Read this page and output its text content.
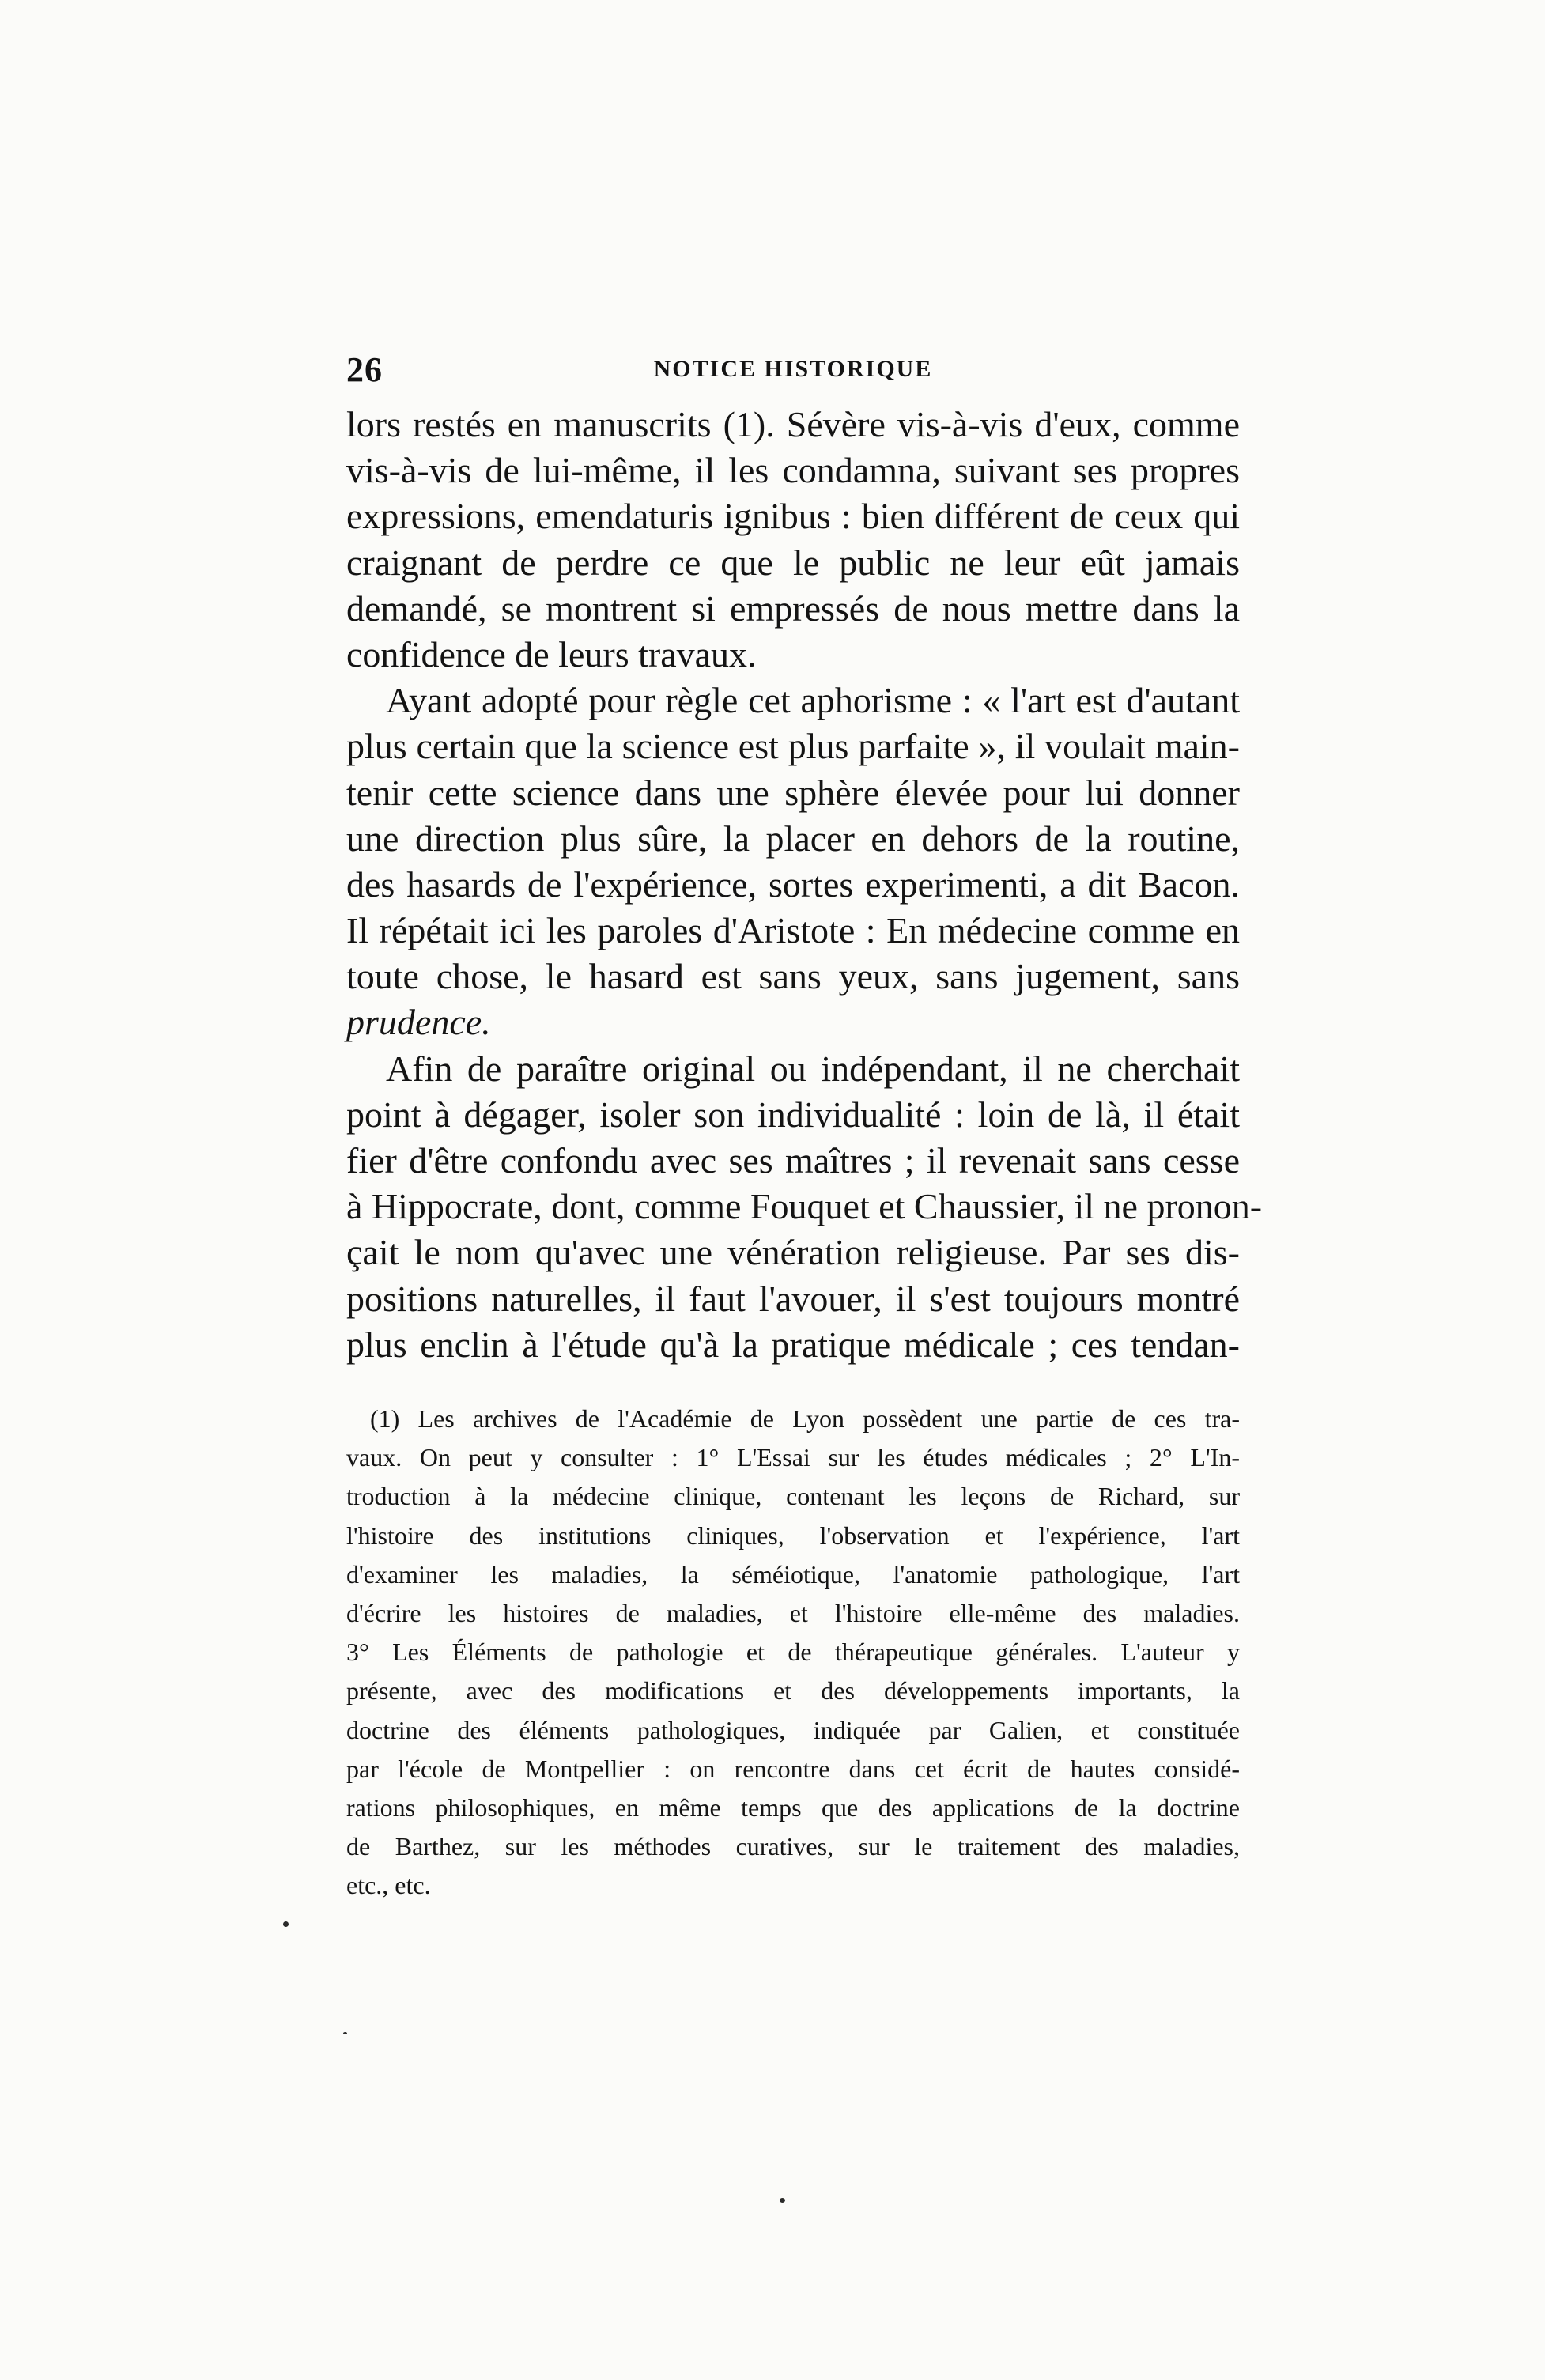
26	NOTICE HISTORIQUE
lors restés en manuscrits (1). Sévère vis-à-vis d'eux, comme
vis-à-vis de lui-même, il les condamna, suivant ses propres
expressions, emendaturis ignibus : bien différent de ceux qui
craignant de perdre ce que le public ne leur eût jamais
demandé, se montrent si empressés de nous mettre dans la
confidence de leurs travaux.
Ayant adopté pour règle cet aphorisme : « l'art est d'autant
plus certain que la science est plus parfaite », il voulait main-
tenir cette science dans une sphère élevée pour lui donner
une direction plus sûre, la placer en dehors de la routine,
des hasards de l'expérience, sortes experimenti, a dit Bacon.
Il répétait ici les paroles d'Aristote : En médecine comme en
toute chose, le hasard est sans yeux, sans jugement, sans
prudence.
Afin de paraître original ou indépendant, il ne cherchait
point à dégager, isoler son individualité : loin de là, il était
fier d'être confondu avec ses maîtres ; il revenait sans cesse
à Hippocrate, dont, comme Fouquet et Chaussier, il ne pronon-
çait le nom qu'avec une vénération religieuse. Par ses dis-
positions naturelles, il faut l'avouer, il s'est toujours montré
plus enclin à l'étude qu'à la pratique médicale ; ces tendan-
(1) Les archives de l'Académie de Lyon possèdent une partie de ces tra-
vaux. On peut y consulter : 1° L'Essai sur les études médicales ; 2° L'In-
troduction à la médecine clinique, contenant les leçons de Richard, sur
l'histoire des institutions cliniques, l'observation et l'expérience, l'art
d'examiner les maladies, la séméiotique, l'anatomie pathologique, l'art
d'écrire les histoires de maladies, et l'histoire elle-même des maladies.
3° Les Éléments de pathologie et de thérapeutique générales. L'auteur y
présente, avec des modifications et des développements importants, la
doctrine des éléments pathologiques, indiquée par Galien, et constituée
par l'école de Montpellier : on rencontre dans cet écrit de hautes considé-
rations philosophiques, en même temps que des applications de la doctrine
de Barthez, sur les méthodes curatives, sur le traitement des maladies,
etc., etc.
